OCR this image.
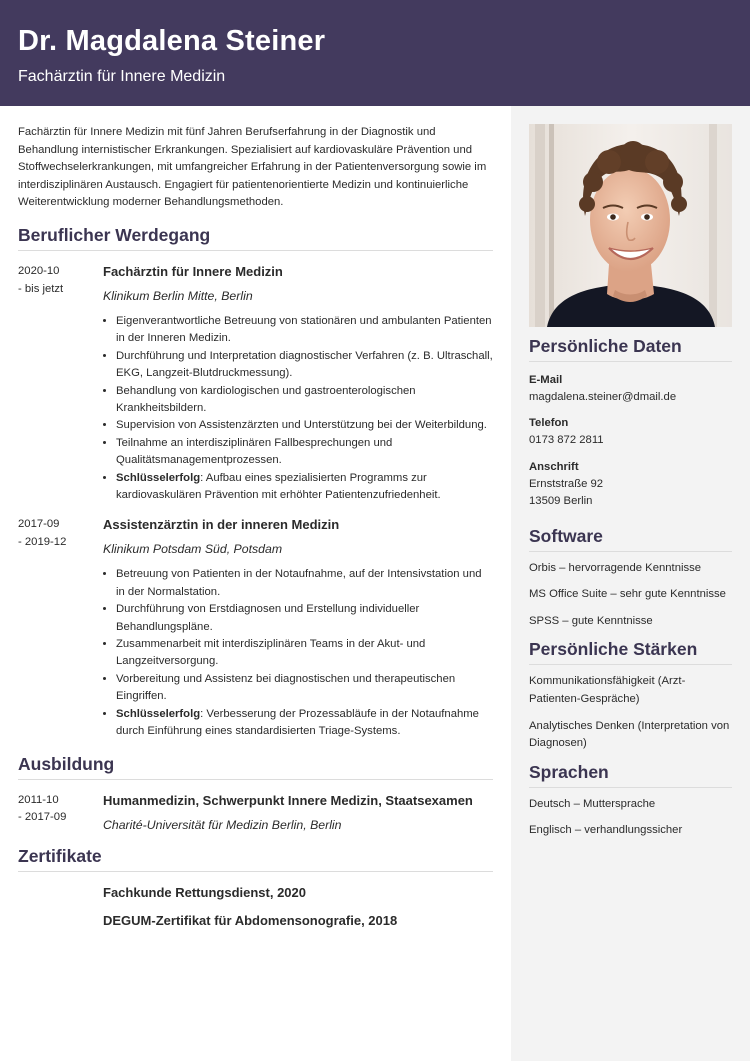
Dr. Magdalena Steiner
Fachärztin für Innere Medizin

Fachärztin für Innere Medizin mit fünf Jahren Berufserfahrung in der Diagnostik und Behandlung internistischer Erkrankungen. Spezialisiert auf kardiovaskuläre Prävention und Stoffwechselerkrankungen, mit umfangreicher Erfahrung in der Patientenversorgung sowie im interdisziplinären Austausch. Engagiert für patientenorientierte Medizin und kontinuierliche Weiterentwicklung moderner Behandlungsmethoden.

Beruflicher Werdegang
2020-10
- bis jetzt
Fachärztin für Innere Medizin
Klinikum Berlin Mitte, Berlin
• Eigenverantwortliche Betreuung von stationären und ambulanten Patienten in der Inneren Medizin.
• Durchführung und Interpretation diagnostischer Verfahren (z. B. Ultraschall, EKG, Langzeit-Blutdruckmessung).
• Behandlung von kardiologischen und gastroenterologischen Krankheitsbildern.
• Supervision von Assistenzärzten und Unterstützung bei der Weiterbildung.
• Teilnahme an interdisziplinären Fallbesprechungen und Qualitätsmanagementprozessen.
• Schlüsselerfolg: Aufbau eines spezialisierten Programms zur kardiovaskulären Prävention mit erhöhter Patientenzufriedenheit.
2017-09
- 2019-12
Assistenzärztin in der inneren Medizin
Klinikum Potsdam Süd, Potsdam
• Betreuung von Patienten in der Notaufnahme, auf der Intensivstation und in der Normalstation.
• Durchführung von Erstdiagnosen und Erstellung individueller Behandlungspläne.
• Zusammenarbeit mit interdisziplinären Teams in der Akut- und Langzeitversorgung.
• Vorbereitung und Assistenz bei diagnostischen und therapeutischen Eingriffen.
• Schlüsselerfolg: Verbesserung der Prozessabläufe in der Notaufnahme durch Einführung eines standardisierten Triage-Systems.
Ausbildung
2011-10
- 2017-09
Humanmedizin, Schwerpunkt Innere Medizin, Staatsexamen
Charité-Universität für Medizin Berlin, Berlin
Zertifikate
Fachkunde Rettungsdienst, 2020
DEGUM-Zertifikat für Abdomensonografie, 2018
Persönliche Daten
E-Mail
magdalena.steiner@dmail.de
Telefon
0173 872 2811
Anschrift
Ernststraße 92
13509 Berlin
Software
Orbis – hervorragende Kenntnisse
MS Office Suite – sehr gute Kenntnisse
SPSS – gute Kenntnisse
Persönliche Stärken
Kommunikationsfähigkeit (Arzt-Patienten-Gespräche)
Analytisches Denken (Interpretation von Diagnosen)
Sprachen
Deutsch – Muttersprache
Englisch – verhandlungssicher
